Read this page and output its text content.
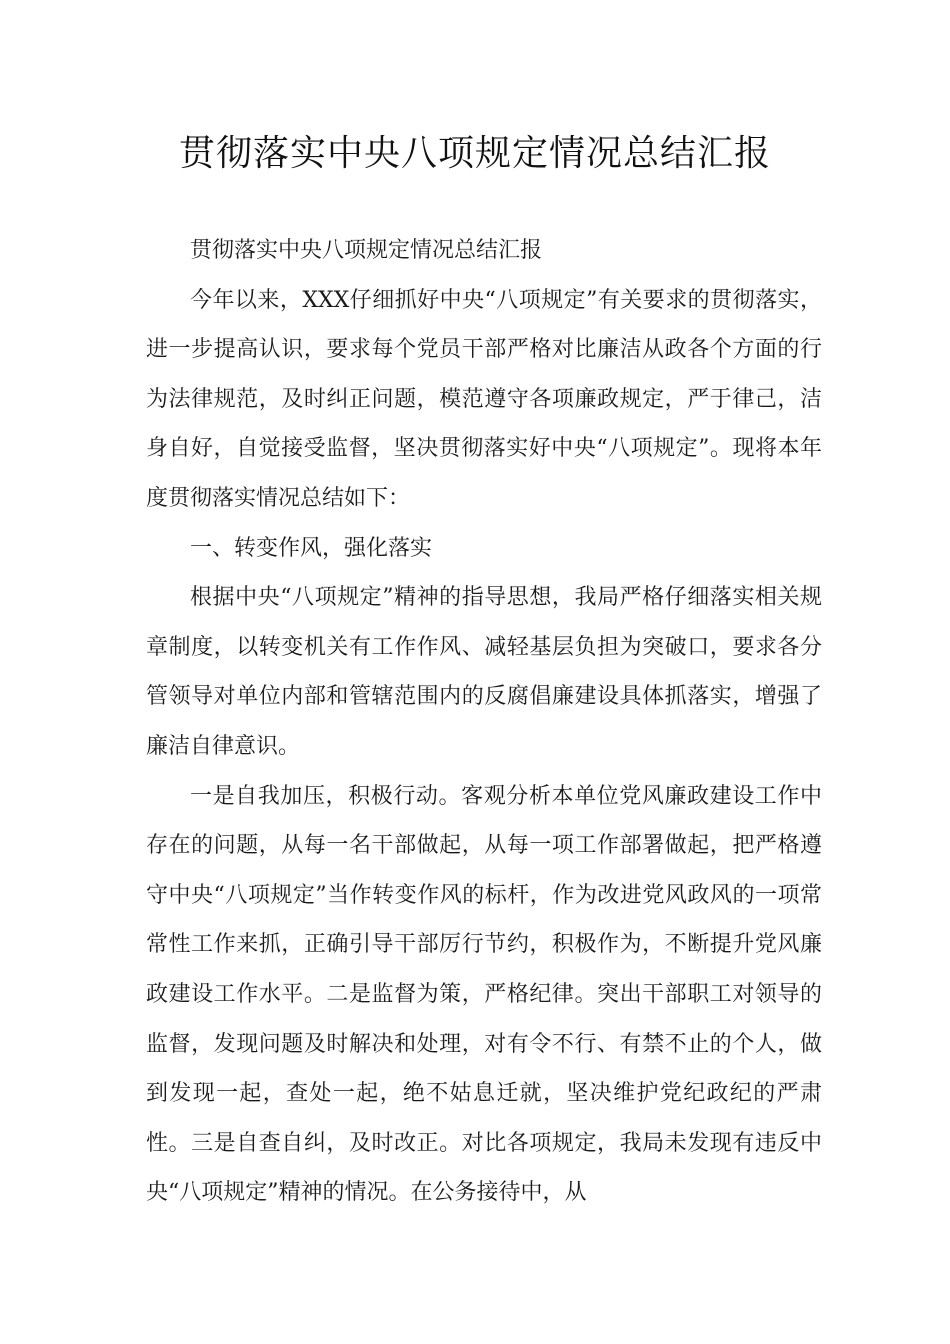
贯彻落实中央八项规定情况总结汇报

贯彻落实中央八项规定情况总结汇报

今年以来，XXX仔细抓好中央“八项规定”有关要求的贯彻落实，进一步提高认识，要求每个党员干部严格对比廉洁从政各个方面的行为法律规范，及时纠正问题，模范遵守各项廉政规定，严于律己，洁身自好，自觉接受监督，坚决贯彻落实好中央“八项规定”。现将本年度贯彻落实情况总结如下：

一、转变作风，强化落实

根据中央“八项规定”精神的指导思想，我局严格仔细落实相关规章制度，以转变机关有工作作风、减轻基层负担为突破口，要求各分管领导对单位内部和管辖范围内的反腐倡廉建设具体抓落实，增强了廉洁自律意识。

一是自我加压，积极行动。客观分析本单位党风廉政建设工作中存在的问题，从每一名干部做起，从每一项工作部署做起，把严格遵守中央“八项规定”当作转变作风的标杆，作为改进党风政风的一项常常性工作来抓，正确引导干部厉行节约，积极作为，不断提升党风廉政建设工作水平。二是监督为策，严格纪律。突出干部职工对领导的监督，发现问题及时解决和处理，对有令不行、有禁不止的个人，做到发现一起，查处一起，绝不姑息迁就，坚决维护党纪政纪的严肃性。三是自查自纠，及时改正。对比各项规定，我局未发现有违反中央“八项规定”精神的情况。在公务接待中，从
